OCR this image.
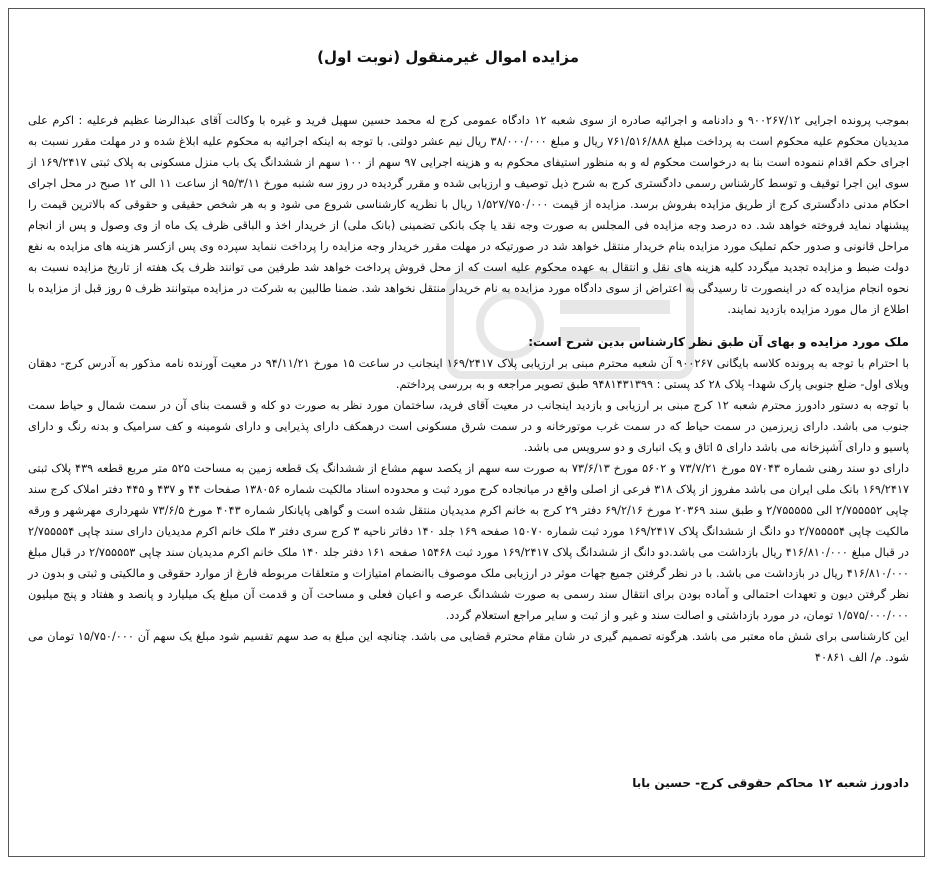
مزایده اموال غیرمنقول (نوبت اول)

بموجب پرونده اجرایی ۹۰۰۲۶۷/۱۲ و دادنامه و اجرائیه صادره از سوی شعبه ۱۲ دادگاه عمومی کرج له محمد حسین سهیل فرید و غیره با وکالت آقای عبدالرضا عظیم فرعلیه : اکرم علی مدیدیان محکوم علیه محکوم است به پرداخت مبلغ ۷۶۱/۵۱۶/۸۸۸ ریال و مبلغ ۳۸/۰۰۰/۰۰۰ ریال نیم عشر دولتی. با توجه به اینکه اجرائیه به محکوم علیه ابلاغ شده و در مهلت مقرر نسبت به اجرای حکم اقدام ننموده است بنا به درخواست محکوم له و به منظور استیفای محکوم به و هزینه اجرایی ۹۷ سهم از ۱۰۰ سهم از ششدانگ یک باب منزل مسکونی به پلاک ثبتی ۱۶۹/۲۴۱۷ از سوی این اجرا توقیف و توسط کارشناس رسمی دادگستری کرج به شرح ذیل توصیف و ارزیابی شده و مقرر گردیده در روز سه شنبه مورخ ۹۵/۳/۱۱ از ساعت ۱۱ الی ۱۲ صبح در محل اجرای احکام مدنی دادگستری کرج از طریق مزایده بفروش برسد. مزایده از قیمت ۱/۵۲۷/۷۵۰/۰۰۰ ریال با نظریه کارشناسی شروع می شود و به هر شخص حقیقی و حقوقی که بالاترین قیمت را پیشنهاد نماید فروخته خواهد شد. ده درصد وجه مزایده فی المجلس به صورت وجه نقد یا چک بانکی تضمینی (بانک ملی) از خریدار اخذ و الباقی ظرف یک ماه از وی وصول و پس از انجام مراحل قانونی و صدور حکم تملیک مورد مزایده بنام خریدار منتقل خواهد شد در صورتیکه در مهلت مقرر خریدار وجه مزایده را پرداخت ننماید سپرده وی پس ازکسر هزینه های مزایده به نفع دولت ضبط و مزایده تجدید میگردد کلیه هزینه های نقل و انتقال به عهده محکوم علیه است که از محل فروش پرداخت خواهد شد طرفین می توانند ظرف یک هفته از تاریخ مزایده نسبت به نحوه انجام مزایده که در اینصورت تا رسیدگی به اعتراض از سوی دادگاه مورد مزایده به نام خریدار منتقل نخواهد شد. ضمنا طالبین به شرکت در مزایده میتوانند ظرف ۵ روز قبل از مزایده با اطلاع از مال مورد مزایده بازدید نمایند.

ملک مورد مزایده و بهای آن طبق نظر کارشناس بدین شرح است:

با احترام با توجه به پرونده کلاسه بایگانی ۹۰۰۲۶۷ آن شعبه محترم مبنی بر ارزیابی پلاک ۱۶۹/۲۴۱۷ اینجانب در ساعت ۱۵ مورخ ۹۴/۱۱/۲۱ در معیت آورنده نامه مذکور به آدرس کرج- دهقان ویلای اول- ضلع جنوبی پارک شهدا- پلاک ۲۸ کد پستی : ۹۴۸۱۴۳۱۳۹۹ طبق تصویر مراجعه و به بررسی پرداختم.

با توجه به دستور دادورز محترم شعبه ۱۲ کرج مبنی بر ارزیابی و بازدید اینجانب در معیت آقای فرید، ساختمان مورد نظر به صورت دو کله و قسمت بنای آن در سمت شمال و حیاط سمت جنوب می باشد. دارای زیرزمین در سمت حیاط که در سمت غرب موتورخانه و در سمت شرق مسکونی است درهمکف دارای پذیرایی و دارای شومینه و کف سرامیک و بدنه رنگ و دارای پاسیو و دارای آشپزخانه می باشد دارای ۵ اتاق و یک انباری و دو سرویس می باشد.

دارای دو سند رهنی شماره ۵۷۰۴۳ مورخ ۷۳/۷/۲۱ و ۵۶۰۲ مورخ ۷۳/۶/۱۳ به صورت سه سهم از یکصد سهم مشاع از ششدانگ یک قطعه زمین به مساحت ۵۲۵ متر مربع قطعه ۴۳۹ پلاک ثبتی ۱۶۹/۲۴۱۷ بانک ملی ایران می باشد مفروز از پلاک ۳۱۸ فرعی از اصلی واقع در میانجاده کرج مورد ثبت و محدوده اسناد مالکیت شماره ۱۳۸۰۵۶ صفحات ۴۴ و ۴۳۷ و ۴۴۵ دفتر املاک کرج سند چاپی ۲/۷۵۵۵۵۲ الی ۲/۷۵۵۵۵۵ و طبق سند ۲۰۳۶۹ مورخ ۶۹/۲/۱۶ دفتر ۲۹ کرج به خانم اکرم مدیدیان منتقل شده است و گواهی پایانکار شماره ۴۰۴۳ مورخ ۷۳/۶/۵ شهرداری مهرشهر و ورقه مالکیت چاپی ۲/۷۵۵۵۵۴ دو دانگ از ششدانگ پلاک ۱۶۹/۲۴۱۷ مورد ثبت شماره ۱۵۰۷۰ صفحه ۱۶۹ جلد ۱۴۰ دفاتر ناحیه ۳ کرج سری دفتر ۳ ملک خانم اکرم مدیدیان دارای سند چاپی ۲/۷۵۵۵۵۴ در قبال مبلغ ۴۱۶/۸۱۰/۰۰۰ ریال بازداشت می باشد.دو دانگ از ششدانگ پلاک ۱۶۹/۲۴۱۷ مورد ثبت ۱۵۴۶۸ صفحه ۱۶۱ دفتر جلد ۱۴۰ ملک خانم اکرم مدیدیان سند چاپی ۲/۷۵۵۵۵۳ در قبال مبلغ ۴۱۶/۸۱۰/۰۰۰ ریال در بازداشت می باشد. با در نظر گرفتن جمیع جهات موثر در ارزیابی ملک موصوف باانضمام امتیازات و متعلقات مربوطه فارغ از موارد حقوقی و مالکیتی و ثبتی و بدون در نظر گرفتن دیون و تعهدات احتمالی و آماده بودن برای انتقال سند رسمی به صورت ششدانگ عرصه و اعیان فعلی و مساحت آن و قدمت آن مبلغ یک میلیارد و پانصد و هفتاد و پنج میلیون ۱/۵۷۵/۰۰۰/۰۰۰ تومان، در مورد بازداشتی و اصالت سند و غیر و از ثبت و سایر مراجع استعلام گردد.

این کارشناسی برای شش ماه معتبر می باشد. هرگونه تصمیم گیری در شان مقام محترم قضایی می باشد. چنانچه این مبلغ به صد سهم تقسیم شود مبلغ یک سهم آن ۱۵/۷۵۰/۰۰۰ تومان می شود. م/ الف ۴۰۸۶۱

دادورز شعبه ۱۲ محاکم حقوقی کرج- حسین بابا
